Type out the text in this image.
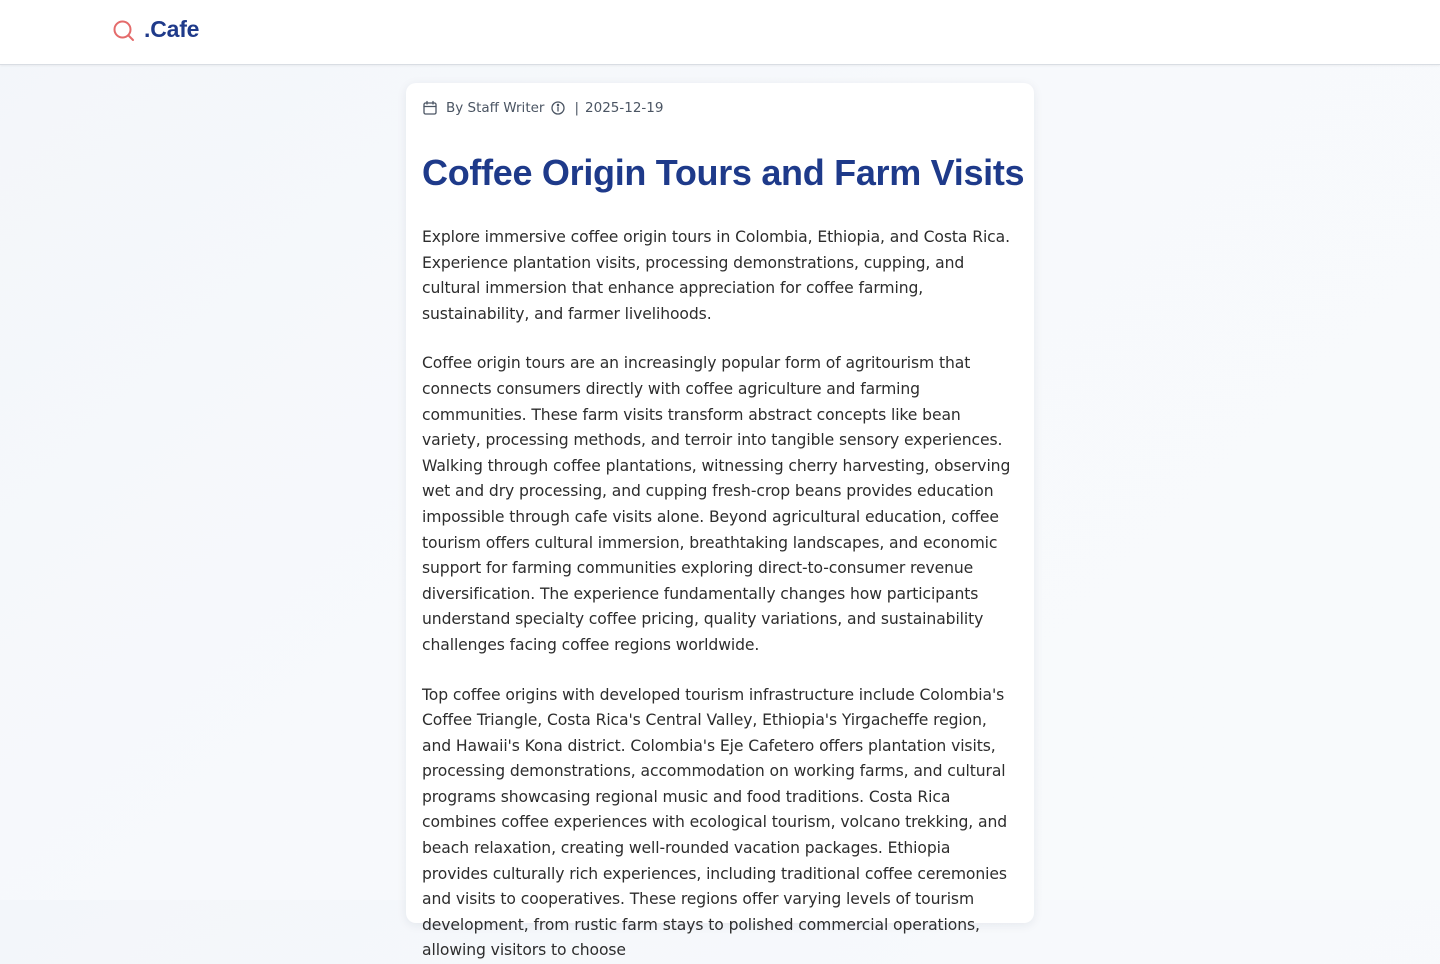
.Cafe
By Staff Writer | 2025-12-19
Coffee Origin Tours and Farm Visits

Explore immersive coffee origin tours in Colombia, Ethiopia, and Costa Rica. Experience plantation visits, processing demonstrations, cupping, and cultural immersion that enhance appreciation for coffee farming, sustainability, and farmer livelihoods.

Coffee origin tours are an increasingly popular form of agritourism that connects consumers directly with coffee agriculture and farming communities. These farm visits transform abstract concepts like bean variety, processing methods, and terroir into tangible sensory experiences. Walking through coffee plantations, witnessing cherry harvesting, observing wet and dry processing, and cupping fresh-crop beans provides education impossible through cafe visits alone. Beyond agricultural education, coffee tourism offers cultural immersion, breathtaking landscapes, and economic support for farming communities exploring direct-to-consumer revenue diversification. The experience fundamentally changes how participants understand specialty coffee pricing, quality variations, and sustainability challenges facing coffee regions worldwide.

Top coffee origins with developed tourism infrastructure include Colombia's Coffee Triangle, Costa Rica's Central Valley, Ethiopia's Yirgacheffe region, and Hawaii's Kona district. Colombia's Eje Cafetero offers plantation visits, processing demonstrations, accommodation on working farms, and cultural programs showcasing regional music and food traditions. Costa Rica combines coffee experiences with ecological tourism, volcano trekking, and beach relaxation, creating well-rounded vacation packages. Ethiopia provides culturally rich experiences, including traditional coffee ceremonies and visits to cooperatives. These regions offer varying levels of tourism development, from rustic farm stays to polished commercial operations, allowing visitors to choose
